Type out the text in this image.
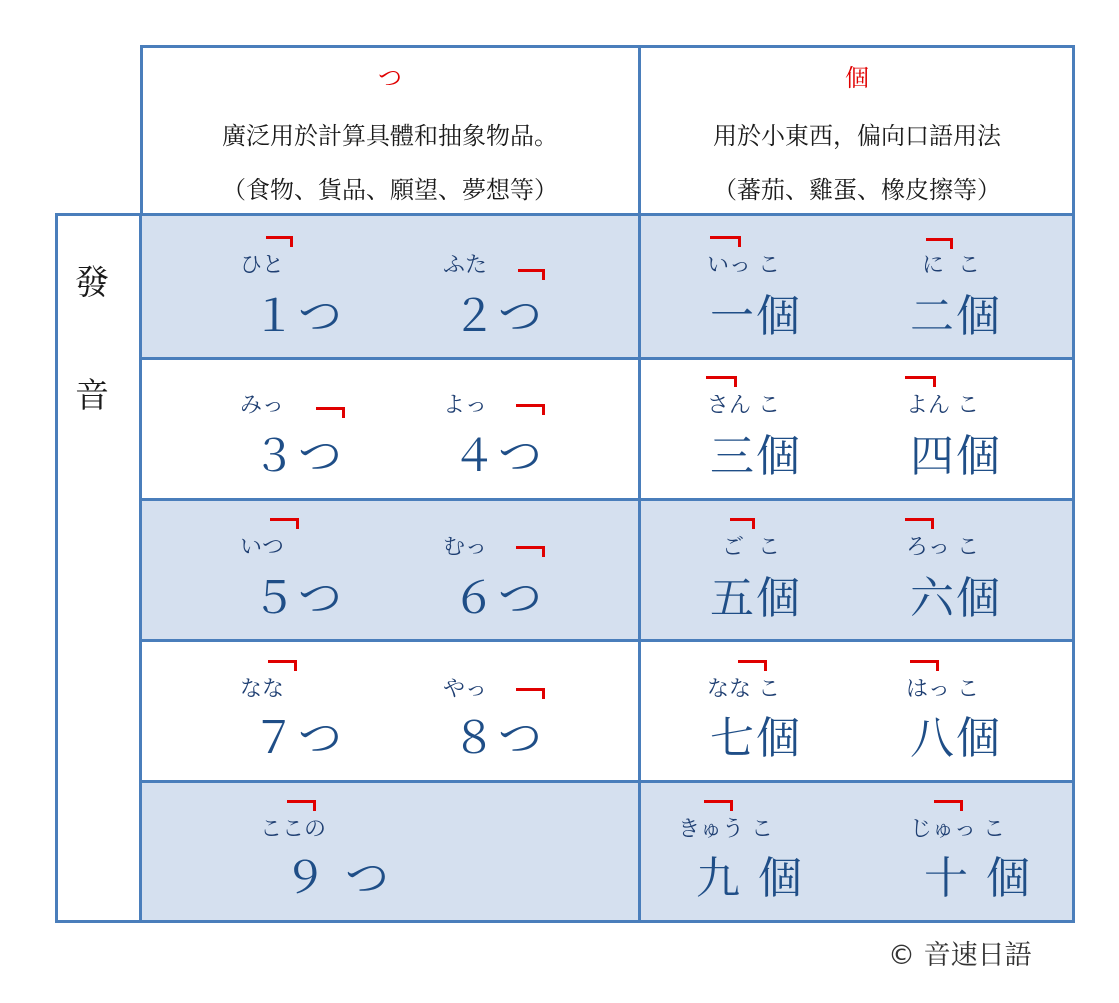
つ
廣泛用於計算具體和抽象物品。
（食物、貨品、願望、夢想等）
個
用於小東西，偏向口語用法
（蕃茄、雞蛋、橡皮擦等）
發
音
ひと
１つ
ふた
２つ
いっ こ
一個
に  こ
二個
みっ
３つ
よっ
４つ
さん こ
三個
よん こ
四個
いつ
５つ
むっ
６つ
ご  こ
五個
ろっ こ
六個
なな
７つ
やっ
８つ
なな こ
七個
はっ こ
八個
ここの
９ つ
きゅう こ
九 個
じゅっ こ
十 個
© 音速日語
